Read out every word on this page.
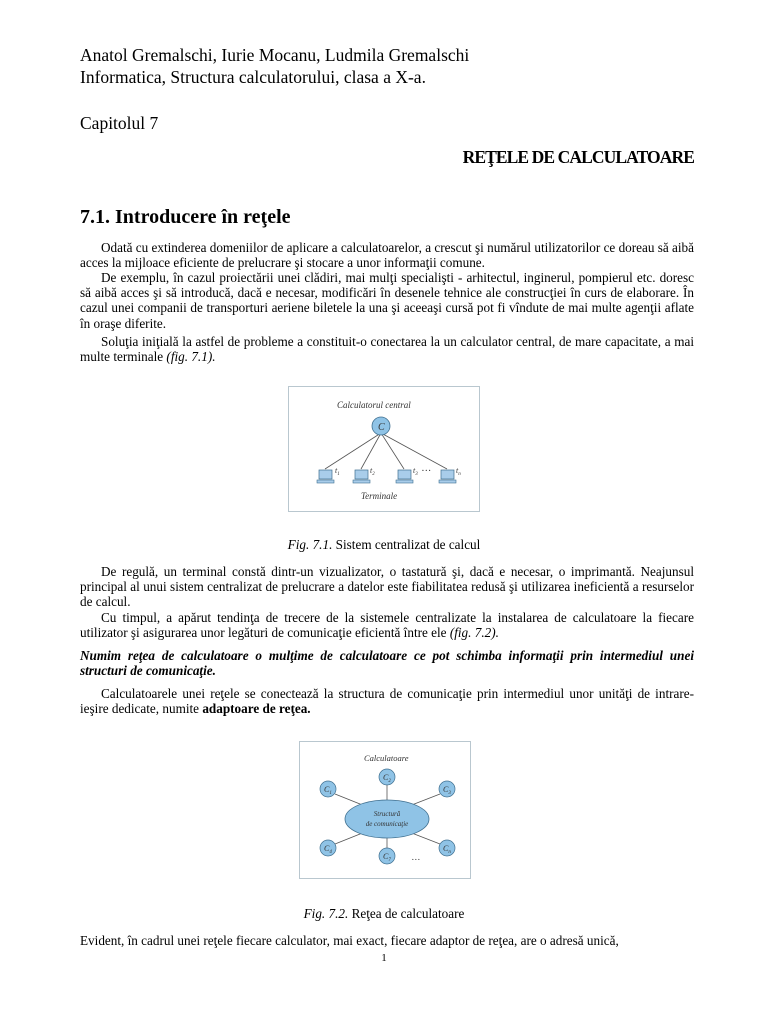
Anatol Gremalschi, Iurie Mocanu, Ludmila Gremalschi
Informatica, Structura calculatorului, clasa a X-a.
Capitolul 7
REŢELE DE CALCULATOARE
7.1. Introducere în reţele

Odată cu extinderea domeniilor de aplicare a calculatoarelor, a crescut şi numărul utilizatorilor ce doreau să aibă acces la mijloace eficiente de prelucrare şi stocare a unor informaţii comune.

De exemplu, în cazul proiectării unei clădiri, mai mulţi specialişti - arhitectul, inginerul, pompierul etc. doresc să aibă acces şi să introducă, dacă e necesar, modificări în desenele tehnice ale construcţiei în curs de elaborare. În cazul unei companii de transporturi aeriene biletele la una şi aceeaşi cursă pot fi vîndute de mai multe agenţii aflate în oraşe diferite.

Soluţia iniţială la astfel de probleme a constituit-o conectarea la un calculator central, de mare capacitate, a mai multe terminale (fig. 7.1).

Calculatorul central
C
$t_1$	$t_2$	$t_3$
…	$t_n$
Terminale
Fig. 7.1. Sistem centralizat de calcul

De regulă, un terminal constă dintr-un vizualizator, o tastatură şi, dacă e necesar, o imprimantă. Neajunsul principal al unui sistem centralizat de prelucrare a datelor este fiabilitatea redusă şi utilizarea ineficientă a resurselor de calcul.

Cu timpul, a apărut tendinţa de trecere de la sistemele centralizate la instalarea de calculatoare la fiecare utilizator şi asigurarea unor legături de comunicaţie eficientă între ele (fig. 7.2).

Numim reţea de calculatoare o mulţime de calculatoare ce pot schimba informaţii prin intermediul unei structuri de comunicaţie.

Calculatoarele unei reţele se conectează la structura de comunicaţie prin intermediul unor unităţi de intrare-ieşire dedicate, numite adaptoare de reţea.

Calculatoare
Structură
de comunicaţie
$C_2$
$C_1$	$C_3$
$C_4$	$C_7$ …
$C_n$
Fig. 7.2. Reţea de calculatoare

Evident, în cadrul unei reţele fiecare calculator, mai exact, fiecare adaptor de reţea, are o adresă unică,

1
